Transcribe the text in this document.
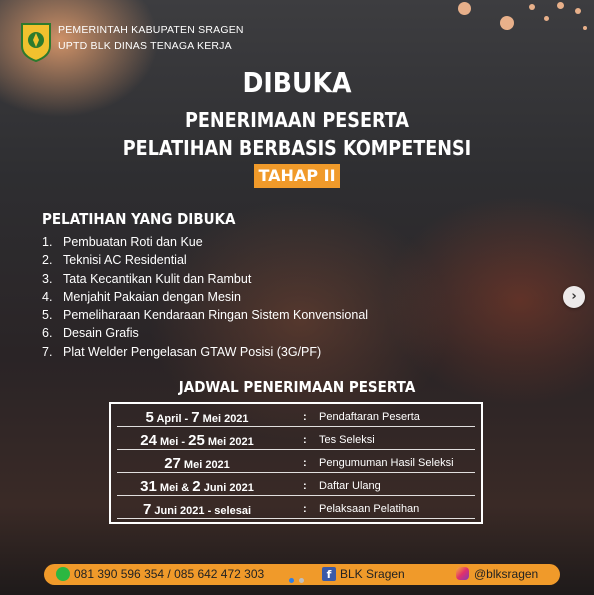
PEMERINTAH KABUPATEN SRAGEN
UPTD BLK DINAS TENAGA KERJA
DIBUKA
PENERIMAAN PESERTA
PELATIHAN BERBASIS KOMPETENSI
TAHAP II
PELATIHAN YANG DIBUKA
1. Pembuatan Roti dan Kue
2. Teknisi AC Residential
3. Tata Kecantikan Kulit dan Rambut
4. Menjahit Pakaian dengan Mesin
5. Pemeliharaan Kendaraan Ringan Sistem Konvensional
6. Desain Grafis
7. Plat Welder Pengelasan GTAW Posisi (3G/PF)
JADWAL PENERIMAAN PESERTA
5 April - 7 Mei 2021	: Pendaftaran Peserta
24 Mei - 25 Mei 2021	: Tes Seleksi
27 Mei 2021	: Pengumuman Hasil Seleksi
31 Mei & 2 Juni 2021	: Daftar Ulang
7 Juni 2021 - selesai	: Pelaksaan Pelatihan
081 390 596 354 / 085 642 472 303	f BLK Sragen	@blksragen
›
